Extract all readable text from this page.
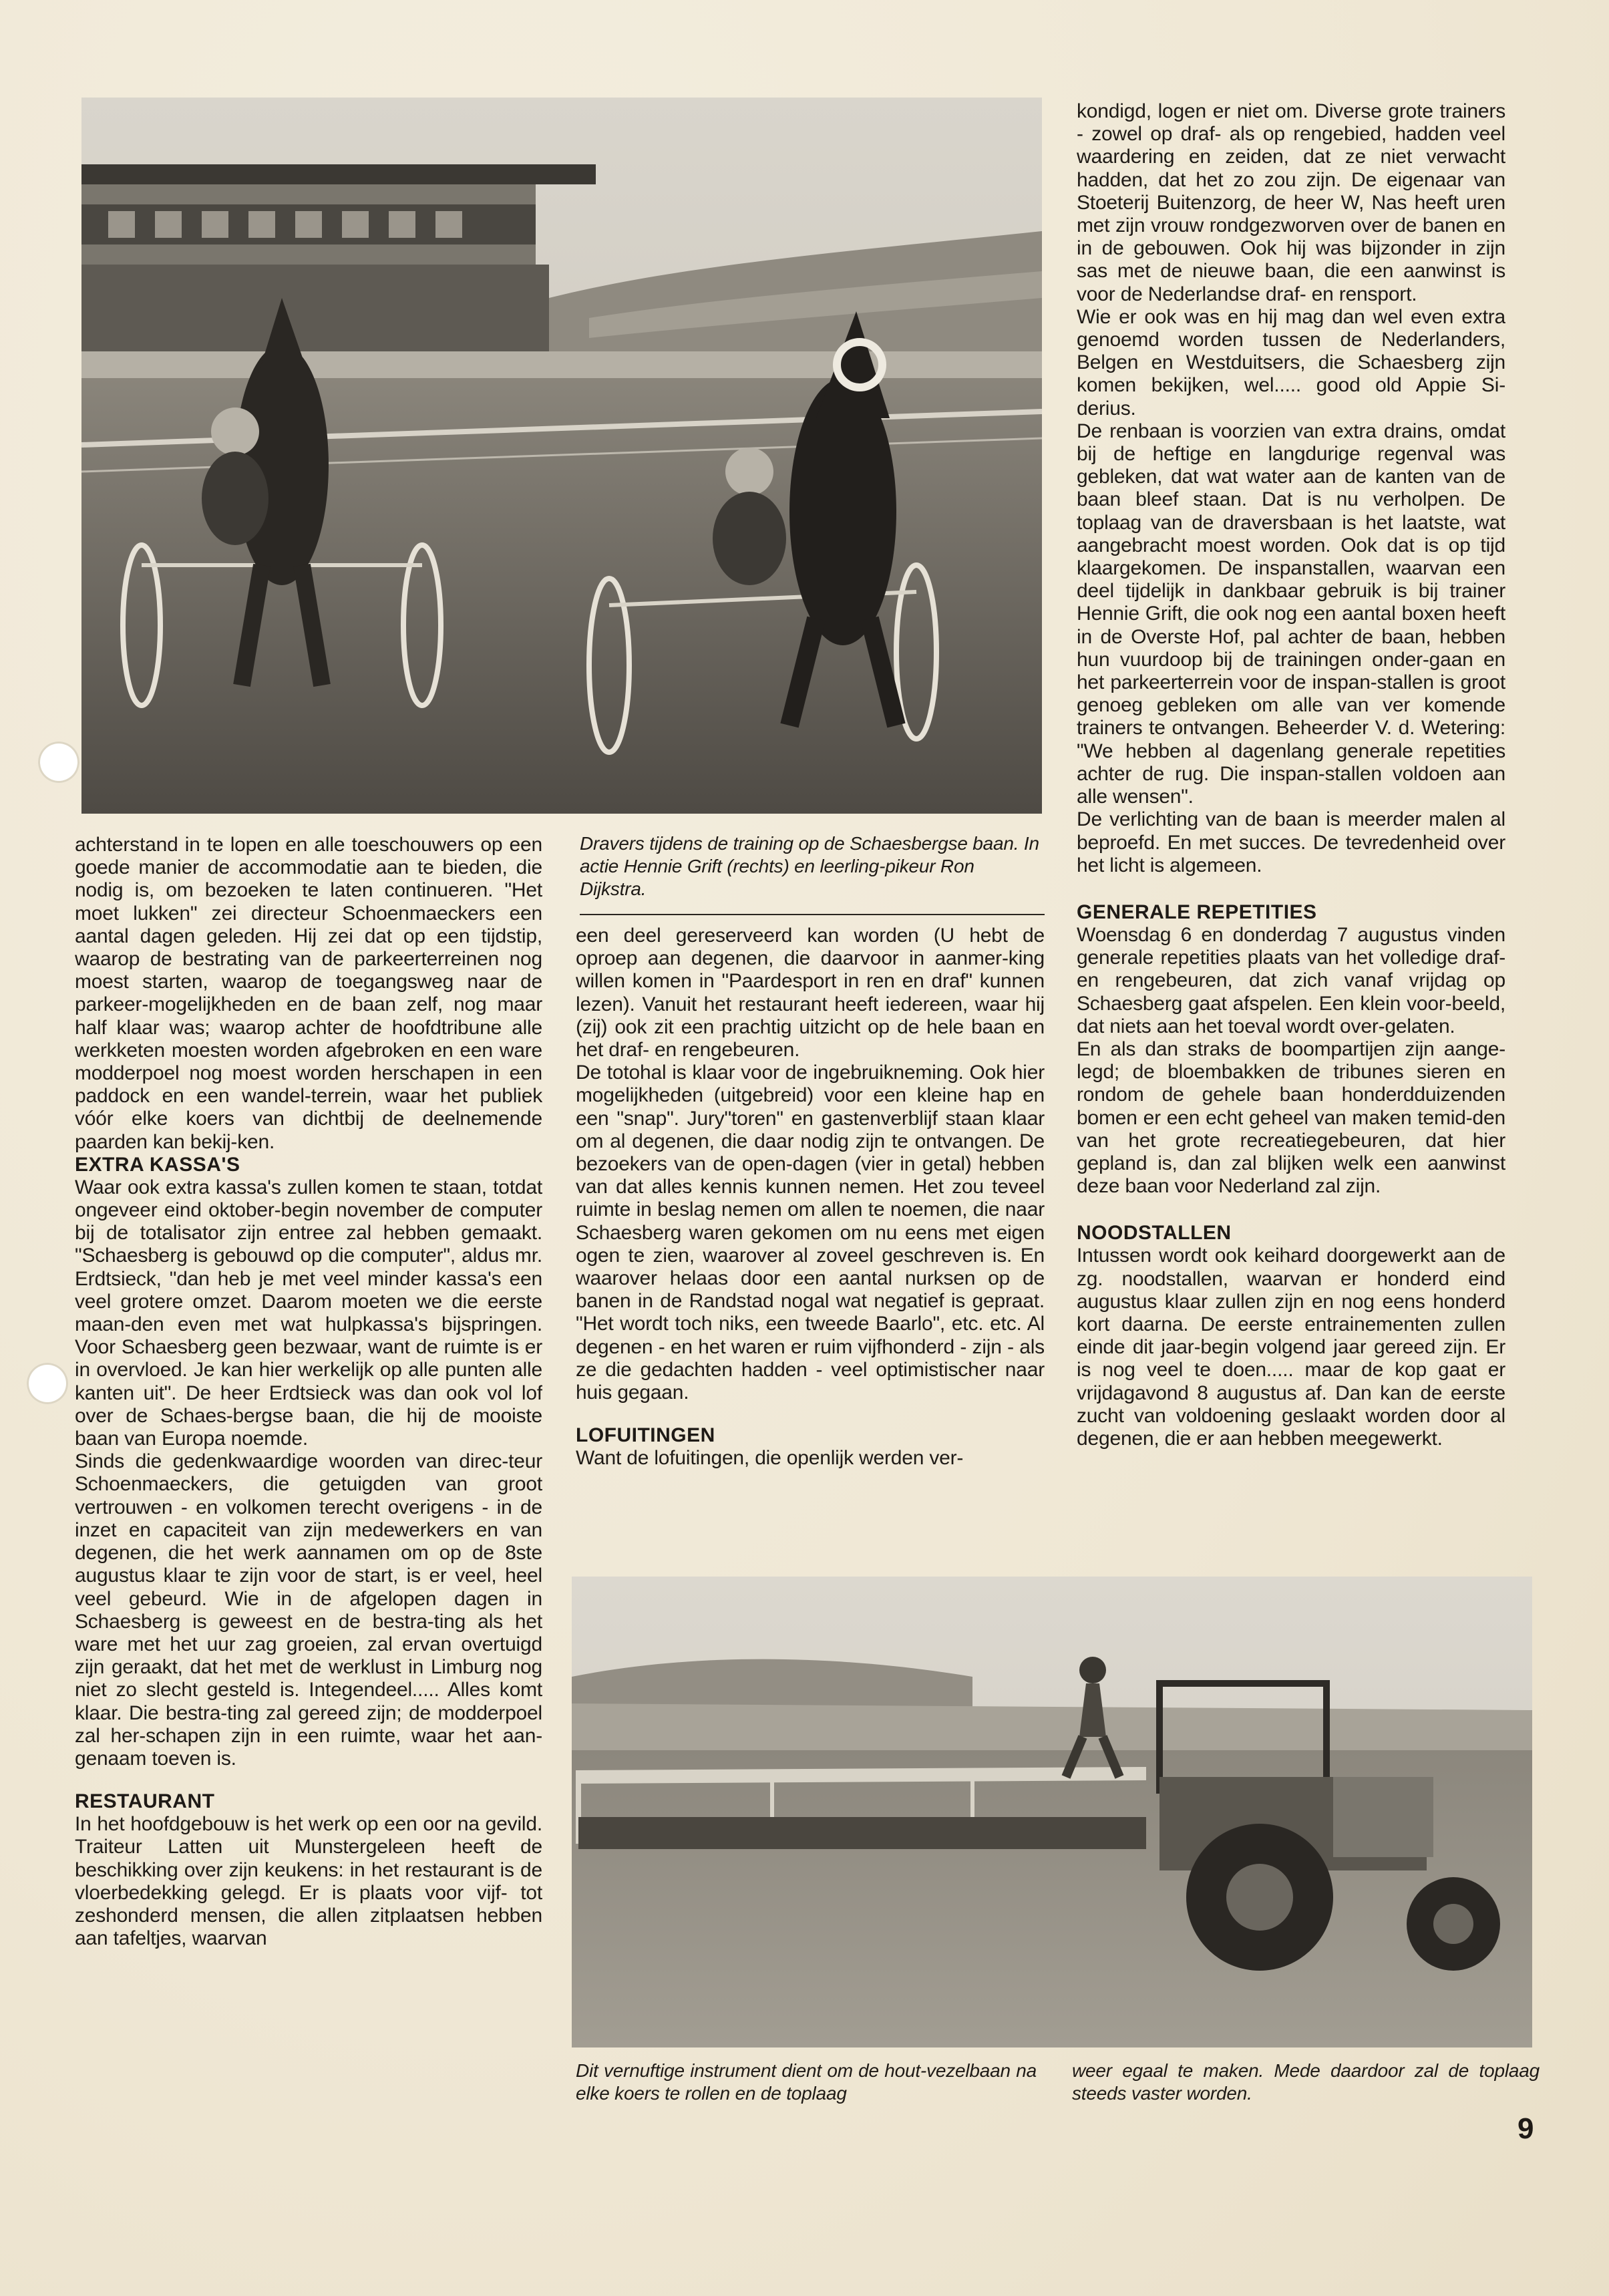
Dravers tijdens de training op de Schaesbergse baan. In actie Hennie Grift (rechts) en leerling-pikeur Ron Dijkstra.

achterstand in te lopen en alle toeschouwers op een goede manier de accommodatie aan te bieden, die nodig is, om bezoeken te laten continueren. "Het moet lukken" zei directeur Schoenmaeckers een aantal dagen geleden. Hij zei dat op een tijdstip, waarop de bestrating van de parkeerterreinen nog moest starten, waarop de toegangsweg naar de parkeer-mogelijkheden en de baan zelf, nog maar half klaar was; waarop achter de hoofdtribune alle werkketen moesten worden afgebroken en een ware modderpoel nog moest worden herschapen in een paddock en een wandel-terrein, waar het publiek vóór elke koers van dichtbij de deelnemende paarden kan bekij-ken.

EXTRA KASSA'S

Waar ook extra kassa's zullen komen te staan, totdat ongeveer eind oktober-begin november de computer bij de totalisator zijn entree zal hebben gemaakt. "Schaesberg is gebouwd op die computer", aldus mr. Erdtsieck, "dan heb je met veel minder kassa's een veel grotere omzet. Daarom moeten we die eerste maan-den even met wat hulpkassa's bijspringen. Voor Schaesberg geen bezwaar, want de ruimte is er in overvloed. Je kan hier werkelijk op alle punten alle kanten uit". De heer Erdtsieck was dan ook vol lof over de Schaes-bergse baan, die hij de mooiste baan van Europa noemde.

Sinds die gedenkwaardige woorden van direc-teur Schoenmaeckers, die getuigden van groot vertrouwen - en volkomen terecht overigens - in de inzet en capaciteit van zijn medewerkers en van degenen, die het werk aannamen om op de 8ste augustus klaar te zijn voor de start, is er veel, heel veel gebeurd. Wie in de afgelopen dagen in Schaesberg is geweest en de bestra-ting als het ware met het uur zag groeien, zal ervan overtuigd zijn geraakt, dat het met de werklust in Limburg nog niet zo slecht gesteld is. Integendeel..... Alles komt klaar. Die bestra-ting zal gereed zijn; de modderpoel zal her-schapen zijn in een ruimte, waar het aan-genaam toeven is.

RESTAURANT

In het hoofdgebouw is het werk op een oor na gevild. Traiteur Latten uit Munstergeleen heeft de beschikking over zijn keukens: in het restaurant is de vloerbedekking gelegd. Er is plaats voor vijf- tot zeshonderd mensen, die allen zitplaatsen hebben aan tafeltjes, waarvan

een deel gereserveerd kan worden (U hebt de oproep aan degenen, die daarvoor in aanmer-king willen komen in "Paardesport in ren en draf" kunnen lezen). Vanuit het restaurant heeft iedereen, waar hij (zij) ook zit een prachtig uitzicht op de hele baan en het draf- en rengebeuren.

De totohal is klaar voor de ingebruikneming. Ook hier mogelijkheden (uitgebreid) voor een kleine hap en een "snap". Jury"toren" en gastenverblijf staan klaar om al degenen, die daar nodig zijn te ontvangen. De bezoekers van de open-dagen (vier in getal) hebben van dat alles kennis kunnen nemen. Het zou teveel ruimte in beslag nemen om allen te noemen, die naar Schaesberg waren gekomen om nu eens met eigen ogen te zien, waarover al zoveel geschreven is. En waarover helaas door een aantal nurksen op de banen in de Randstad nogal wat negatief is gepraat. "Het wordt toch niks, een tweede Baarlo", etc. etc. Al degenen - en het waren er ruim vijfhonderd - zijn - als ze die gedachten hadden - veel optimistischer naar huis gegaan.

LOFUITINGEN

Want de lofuitingen, die openlijk werden ver-

kondigd, logen er niet om. Diverse grote trainers - zowel op draf- als op rengebied, hadden veel waardering en zeiden, dat ze niet verwacht hadden, dat het zo zou zijn. De eigenaar van Stoeterij Buitenzorg, de heer W, Nas heeft uren met zijn vrouw rondgezworven over de banen en in de gebouwen. Ook hij was bijzonder in zijn sas met de nieuwe baan, die een aanwinst is voor de Nederlandse draf- en rensport.

Wie er ook was en hij mag dan wel even extra genoemd worden tussen de Nederlanders, Belgen en Westduitsers, die Schaesberg zijn komen bekijken, wel..... good old Appie Si-derius.

De renbaan is voorzien van extra drains, omdat bij de heftige en langdurige regenval was gebleken, dat wat water aan de kanten van de baan bleef staan. Dat is nu verholpen. De toplaag van de draversbaan is het laatste, wat aangebracht moest worden. Ook dat is op tijd klaargekomen. De inspanstallen, waarvan een deel tijdelijk in dankbaar gebruik is bij trainer Hennie Grift, die ook nog een aantal boxen heeft in de Overste Hof, pal achter de baan, hebben hun vuurdoop bij de trainingen onder-gaan en het parkeerterrein voor de inspan-stallen is groot genoeg gebleken om alle van ver komende trainers te ontvangen. Beheerder V. d. Wetering: "We hebben al dagenlang generale repetities achter de rug. Die inspan-stallen voldoen aan alle wensen".

De verlichting van de baan is meerder malen al beproefd. En met succes. De tevredenheid over het licht is algemeen.

GENERALE REPETITIES

Woensdag 6 en donderdag 7 augustus vinden generale repetities plaats van het volledige draf- en rengebeuren, dat zich vanaf vrijdag op Schaesberg gaat afspelen. Een klein voor-beeld, dat niets aan het toeval wordt over-gelaten.

En als dan straks de boompartijen zijn aange-legd; de bloembakken de tribunes sieren en rondom de gehele baan honderdduizenden bomen er een echt geheel van maken temid-den van het grote recreatiegebeuren, dat hier gepland is, dan zal blijken welk een aanwinst deze baan voor Nederland zal zijn.

NOODSTALLEN

Intussen wordt ook keihard doorgewerkt aan de zg. noodstallen, waarvan er honderd eind augustus klaar zullen zijn en nog eens honderd kort daarna. De eerste entrainementen zullen einde dit jaar-begin volgend jaar gereed zijn. Er is nog veel te doen..... maar de kop gaat er vrijdagavond 8 augustus af. Dan kan de eerste zucht van voldoening geslaakt worden door al degenen, die er aan hebben meegewerkt.

Dit vernuftige instrument dient om de hout-vezelbaan na elke koers te rollen en de toplaag
weer egaal te maken. Mede daardoor zal de toplaag steeds vaster worden.
9
